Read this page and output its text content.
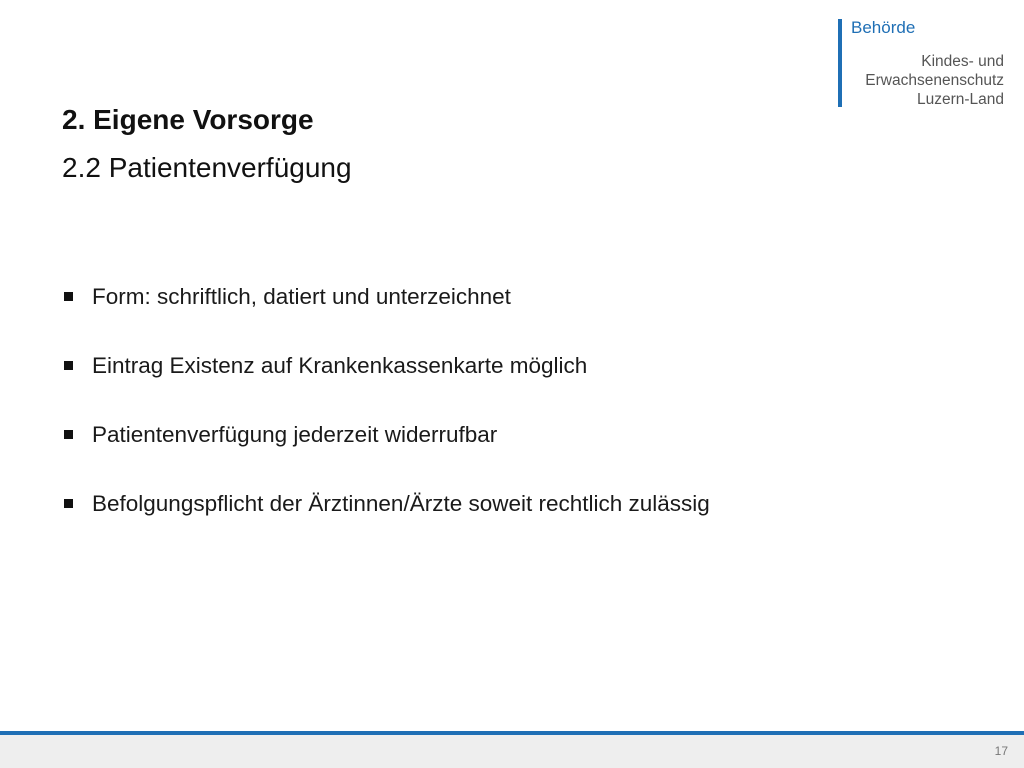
Behörde
Kindes- und
Erwachsenenschutz
Luzern-Land
2. Eigene Vorsorge
2.2 Patientenverfügung
Form: schriftlich, datiert und unterzeichnet
Eintrag Existenz auf Krankenkassenkarte möglich
Patientenverfügung jederzeit widerrufbar
Befolgungspflicht der Ärztinnen/Ärzte soweit rechtlich zulässig
17
